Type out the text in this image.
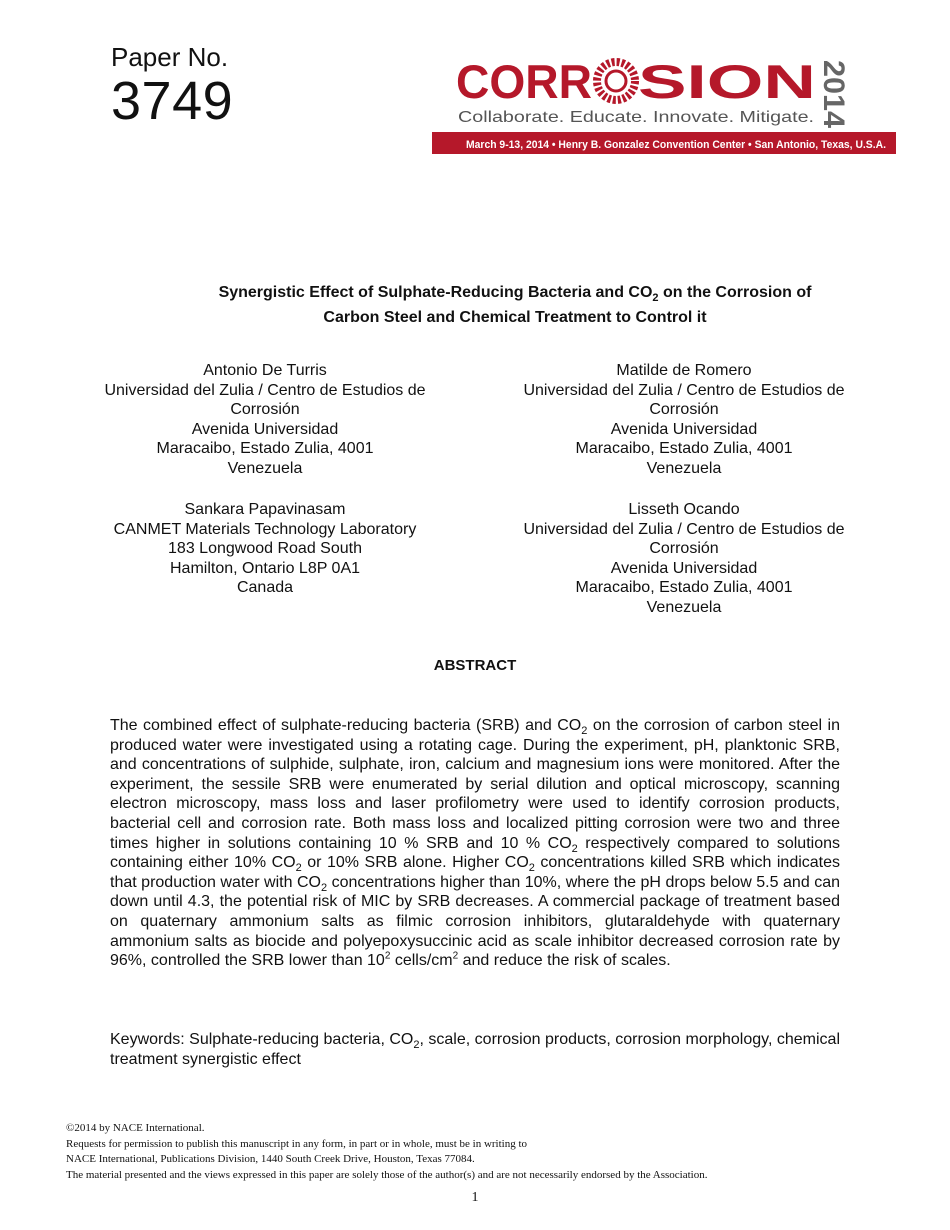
Paper No.
3749	CORR SION 2014
Collaborate. Educate. Innovate. Mitigate.
March 9-13, 2014 • Henry B. Gonzalez Convention Center • San Antonio, Texas, U.S.A.
Synergistic Effect of Sulphate-Reducing Bacteria and $CO_2$ on the Corrosion of
Carbon Steel and Chemical Treatment to Control it
Antonio De Turris
Universidad del Zulia / Centro de Estudios de
Corrosión
Avenida Universidad
Maracaibo, Estado Zulia, 4001
Venezuela
Matilde de Romero
Universidad del Zulia / Centro de Estudios de
Corrosión
Avenida Universidad
Maracaibo, Estado Zulia, 4001
Venezuela
Sankara Papavinasam
CANMET Materials Technology Laboratory
183 Longwood Road South
Hamilton, Ontario L8P 0A1
Canada
Lisseth Ocando
Universidad del Zulia / Centro de Estudios de
Corrosión
Avenida Universidad
Maracaibo, Estado Zulia, 4001
Venezuela
ABSTRACT
The combined effect of sulphate-reducing bacteria (SRB) and $CO_2$ on the corrosion of carbon steel in produced water were investigated using a rotating cage. During the experiment, pH, planktonic SRB, and concentrations of sulphide, sulphate, iron, calcium and magnesium ions were monitored. After the experiment, the sessile SRB were enumerated by serial dilution and optical microscopy, scanning electron microscopy, mass loss and laser profilometry were used to identify corrosion products, bacterial cell and corrosion rate. Both mass loss and localized pitting corrosion were two and three times higher in solutions containing 10 % SRB and 10 % $CO_2$ respectively compared to solutions containing either 10% $CO_2$ or 10% SRB alone. Higher $CO_2$ concentrations killed SRB which indicates that production water with $CO_2$ concentrations higher than 10%, where the pH drops below 5.5 and can down until 4.3, the potential risk of MIC by SRB decreases. A commercial package of treatment based on quaternary ammonium salts as filmic corrosion inhibitors, glutaraldehyde with quaternary ammonium salts as biocide and polyepoxysuccinic acid as scale inhibitor decreased corrosion rate by 96%, controlled the SRB lower than $10^2$ cells/$cm^2$ and reduce the risk of scales.
Keywords: Sulphate-reducing bacteria, $CO_2$, scale, corrosion products, corrosion morphology, chemical treatment synergistic effect
©2014 by NACE International.
Requests for permission to publish this manuscript in any form, in part or in whole, must be in writing to
NACE International, Publications Division, 1440 South Creek Drive, Houston, Texas 77084.
The material presented and the views expressed in this paper are solely those of the author(s) and are not necessarily endorsed by the Association.
1
